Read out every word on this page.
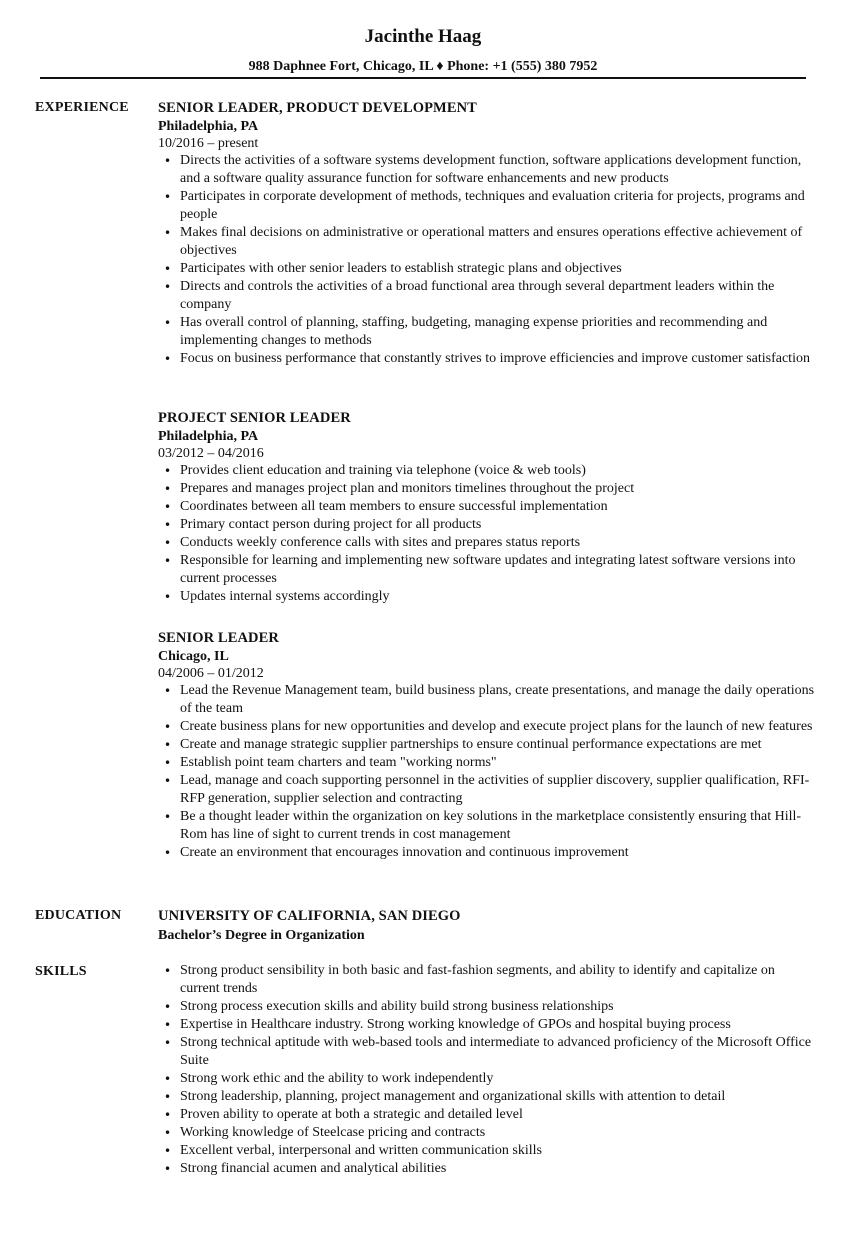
Jacinthe Haag
988 Daphnee Fort, Chicago, IL ♦ Phone: +1 (555) 380 7952
EXPERIENCE SENIOR LEADER, PRODUCT DEVELOPMENT
Philadelphia, PA
10/2016 – present
• Directs the activities of a software systems development function, software applications development function, and a software quality assurance function for software enhancements and new products
• Participates in corporate development of methods, techniques and evaluation criteria for projects, programs and people
• Makes final decisions on administrative or operational matters and ensures operations effective achievement of objectives
• Participates with other senior leaders to establish strategic plans and objectives
• Directs and controls the activities of a broad functional area through several department leaders within the company
• Has overall control of planning, staffing, budgeting, managing expense priorities and recommending and implementing changes to methods
• Focus on business performance that constantly strives to improve efficiencies and improve customer satisfaction
PROJECT SENIOR LEADER
Philadelphia, PA
03/2012 – 04/2016
• Provides client education and training via telephone (voice & web tools)
• Prepares and manages project plan and monitors timelines throughout the project
• Coordinates between all team members to ensure successful implementation
• Primary contact person during project for all products
• Conducts weekly conference calls with sites and prepares status reports
• Responsible for learning and implementing new software updates and integrating latest software versions into current processes
• Updates internal systems accordingly
SENIOR LEADER
Chicago, IL
04/2006 – 01/2012
• Lead the Revenue Management team, build business plans, create presentations, and manage the daily operations of the team
• Create business plans for new opportunities and develop and execute project plans for the launch of new features
• Create and manage strategic supplier partnerships to ensure continual performance expectations are met
• Establish point team charters and team "working norms"
• Lead, manage and coach supporting personnel in the activities of supplier discovery, supplier qualification, RFI-RFP generation, supplier selection and contracting
• Be a thought leader within the organization on key solutions in the marketplace consistently ensuring that Hill-Rom has line of sight to current trends in cost management
• Create an environment that encourages innovation and continuous improvement
EDUCATION	UNIVERSITY OF CALIFORNIA, SAN DIEGO
Bachelor’s Degree in Organization
SKILLS
•	Strong product sensibility in both basic and fast-fashion segments, and ability to identify and capitalize on current trends
• Strong process execution skills and ability build strong business relationships
• Expertise in Healthcare industry. Strong working knowledge of GPOs and hospital buying process
• Strong technical aptitude with web-based tools and intermediate to advanced proficiency of the Microsoft Office Suite
• Strong work ethic and the ability to work independently
• Strong leadership, planning, project management and organizational skills with attention to detail
• Proven ability to operate at both a strategic and detailed level
• Working knowledge of Steelcase pricing and contracts
• Excellent verbal, interpersonal and written communication skills
• Strong financial acumen and analytical abilities
